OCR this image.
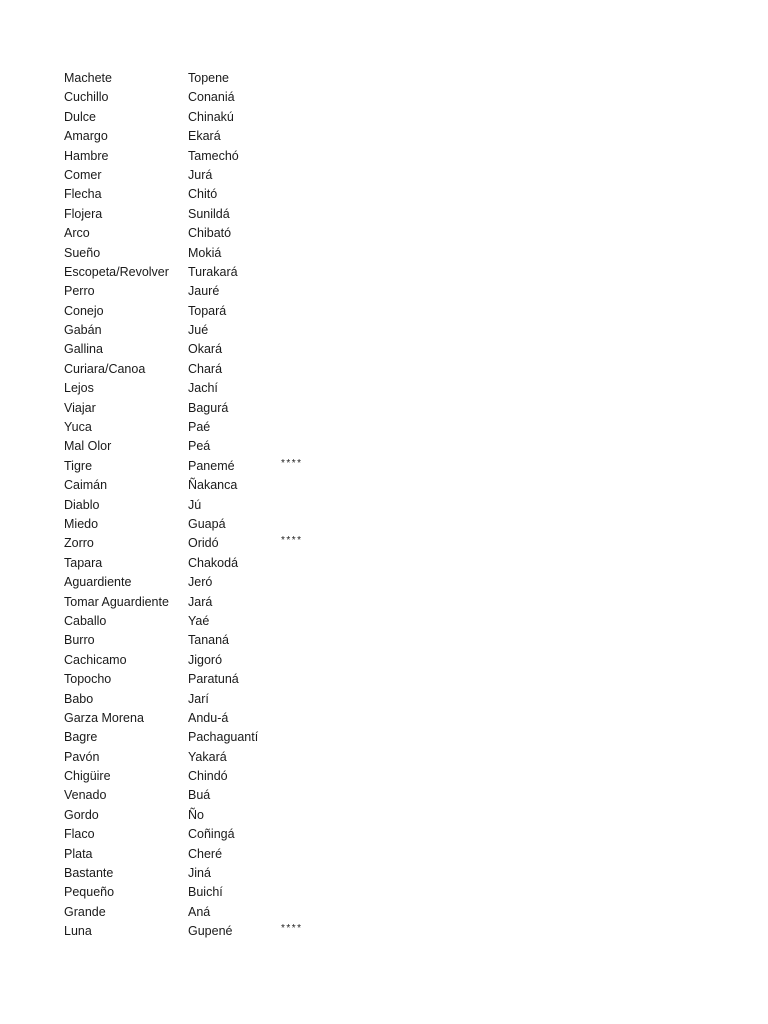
Machete	Topene
Cuchillo	Conaniá
Dulce	Chinakú
Amargo	Ekará
Hambre	Tamechó
Comer	Jurá
Flecha	Chitó
Flojera	Sunildá
Arco	Chibató
Sueño	Mokiá
Escopeta/Revolver Turakará
Perro	Jauré
Conejo	Topará
Gabán	Jué
Gallina	Okará
Curiara/Canoa	Chará
Lejos	Jachí
Viajar	Bagurá
Yuca	Paé
Mal Olor	Peá
Tigre	Panemé	****
Caimán	Ñakanca
Diablo	Jú
Miedo	Guapá
Zorro	Oridó	****
Tapara	Chakodá
Aguardiente	Jeró
Tomar Aguardiente Jará
Caballo	Yaé
Burro	Tananá
Cachicamo	Jigoró
Topocho	Paratuná
Babo	Jarí
Garza Morena	Andu-á
Bagre	Pachaguantí
Pavón	Yakará
Chigüire	Chindó
Venado	Buá
Gordo	Ño
Flaco	Coñingá
Plata	Cheré
Bastante	Jiná
Pequeño	Buichí
Grande	Aná
Luna	Gupené	****
